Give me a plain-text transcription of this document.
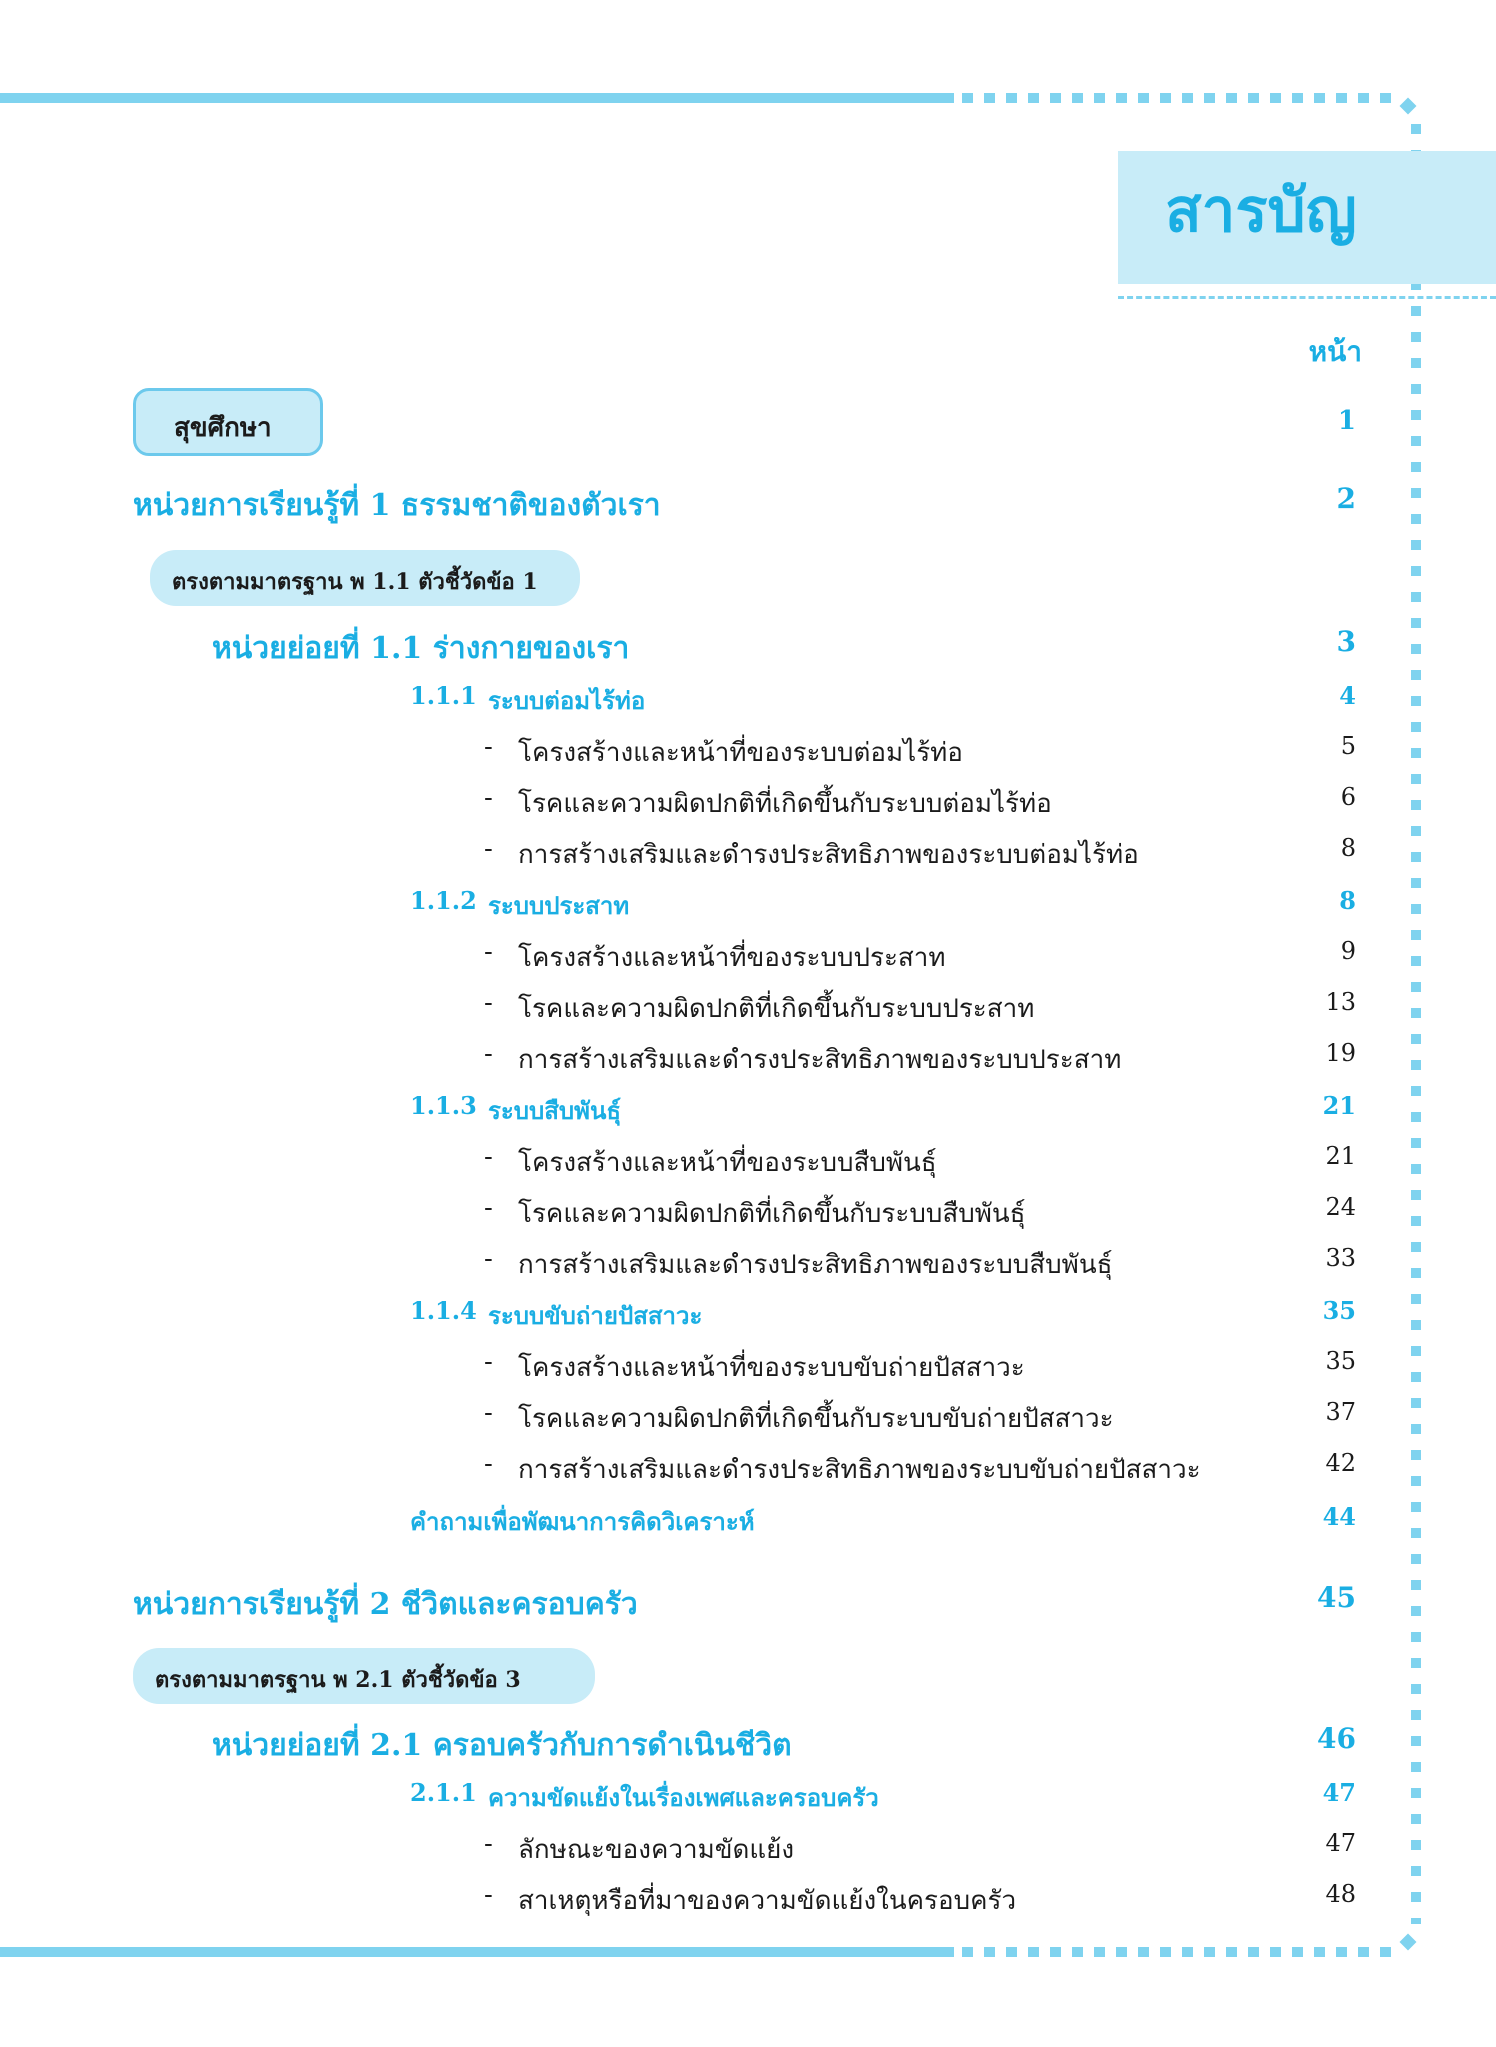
สารบัญ
หน้า
สุขศึกษา	1
หน่วยการเรียนรู้ที่ 1 ธรรมชาติของตัวเรา	2
ตรงตามมาตรฐาน พ 1.1 ตัวชี้วัดข้อ 1
หน่วยย่อยที่ 1.1 ร่างกายของเรา	3
1.1.1 ระบบต่อมไร้ท่อ	4
- โครงสร้างและหน้าที่ของระบบต่อมไร้ท่อ	5
- โรคและความผิดปกติที่เกิดขึ้นกับระบบต่อมไร้ท่อ	6
- การสร้างเสริมและดำรงประสิทธิภาพของระบบต่อมไร้ท่อ	8
1.1.2 ระบบประสาท	8
- โครงสร้างและหน้าที่ของระบบประสาท	9
- โรคและความผิดปกติที่เกิดขึ้นกับระบบประสาท	13
- การสร้างเสริมและดำรงประสิทธิภาพของระบบประสาท	19
1.1.3 ระบบสืบพันธุ์	21
- โครงสร้างและหน้าที่ของระบบสืบพันธุ์	21
- โรคและความผิดปกติที่เกิดขึ้นกับระบบสืบพันธุ์	24
- การสร้างเสริมและดำรงประสิทธิภาพของระบบสืบพันธุ์	33
1.1.4 ระบบขับถ่ายปัสสาวะ	35
- โครงสร้างและหน้าที่ของระบบขับถ่ายปัสสาวะ	35
- โรคและความผิดปกติที่เกิดขึ้นกับระบบขับถ่ายปัสสาวะ	37
- การสร้างเสริมและดำรงประสิทธิภาพของระบบขับถ่ายปัสสาวะ	42
คำถามเพื่อพัฒนาการคิดวิเคราะห์	44
หน่วยการเรียนรู้ที่ 2 ชีวิตและครอบครัว	45
ตรงตามมาตรฐาน พ 2.1 ตัวชี้วัดข้อ 3
หน่วยย่อยที่ 2.1 ครอบครัวกับการดำเนินชีวิต	46
2.1.1 ความขัดแย้งในเรื่องเพศและครอบครัว	47
- ลักษณะของความขัดแย้ง	47
- สาเหตุหรือที่มาของความขัดแย้งในครอบครัว	48
